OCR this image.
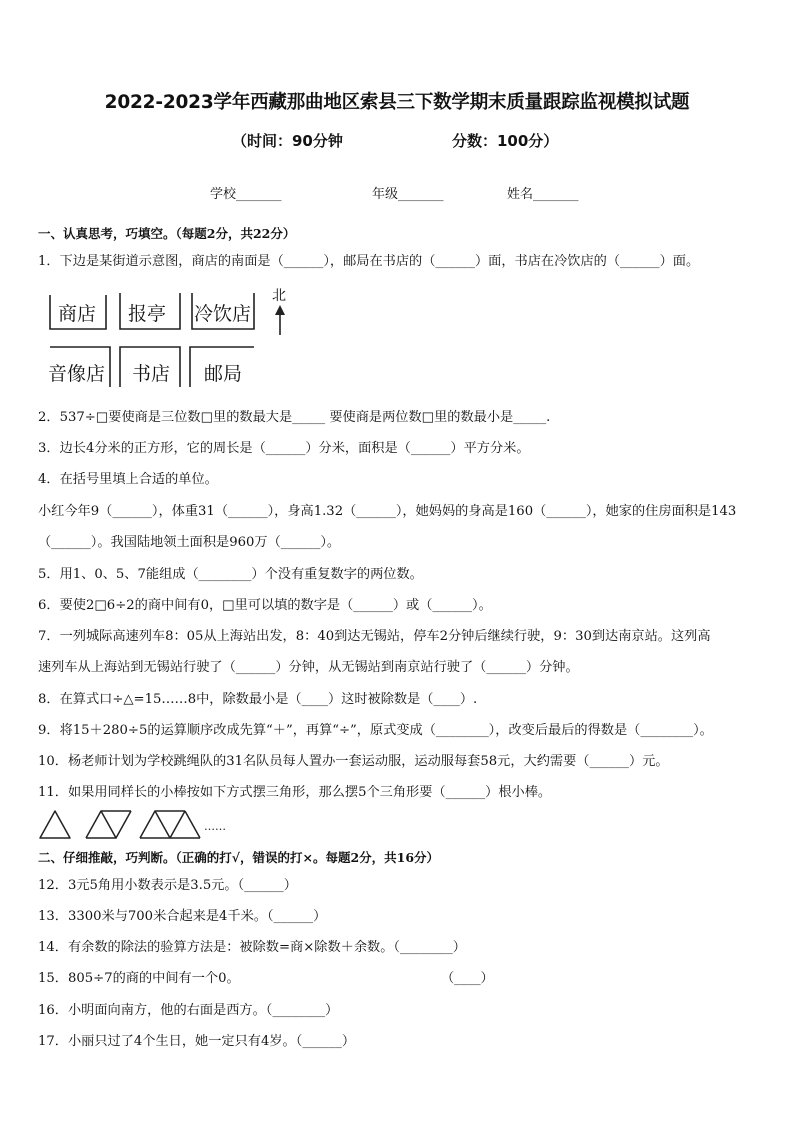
2022-2023学年西藏那曲地区索县三下数学期末质量跟踪监视模拟试题
（时间：90分钟	分数：100分）
学校_______	年级_______	姓名_______
一、认真思考，巧填空。（每题2分，共22分）
1．下边是某街道示意图，商店的南面是（______），邮局在书店的（______）面，书店在冷饮店的（______）面。
北
商店 报亭 冷饮店
音像店 书店 邮局
2．537÷□要使商是三位数□里的数最大是_____ 要使商是两位数□里的数最小是_____.
3．边长4分米的正方形，它的周长是（______）分米，面积是（______）平方分米。
4．在括号里填上合适的单位。
小红今年9（______），体重31（______），身高1.32（______），她妈妈的身高是160（______），她家的住房面积是143
（______）。我国陆地领土面积是960万（______）。
5．用1、0、5、7能组成（________）个没有重复数字的两位数。
6．要使2□6÷2的商中间有0，□里可以填的数字是（______）或（______）。
7．一列城际高速列车8：05从上海站出发，8：40到达无锡站，停车2分钟后继续行驶，9：30到达南京站。这列高
速列车从上海站到无锡站行驶了（______）分钟，从无锡站到南京站行驶了（______）分钟。
8．在算式口÷△=15……8中，除数最小是（____）这时被除数是（____）.
9．将15＋280÷5的运算顺序改成先算“＋”，再算“÷”，原式变成（________），改变后最后的得数是（________）。
10．杨老师计划为学校跳绳队的31名队员每人置办一套运动服，运动服每套58元，大约需要（______）元。
11．如果用同样长的小棒按如下方式摆三角形，那么摆5个三角形要（______）根小棒。
……
二、仔细推敲，巧判断。（正确的打√，错误的打×。每题2分，共16分）
12．3元5角用小数表示是3.5元。（______）
13．3300米与700米合起来是4千米。（______）
14．有余数的除法的验算方法是：被除数=商×除数＋余数。（________）
15．805÷7的商的中间有一个0。	（____）
16．小明面向南方，他的右面是西方。（________）
17．小丽只过了4个生日，她一定只有4岁。（______）
